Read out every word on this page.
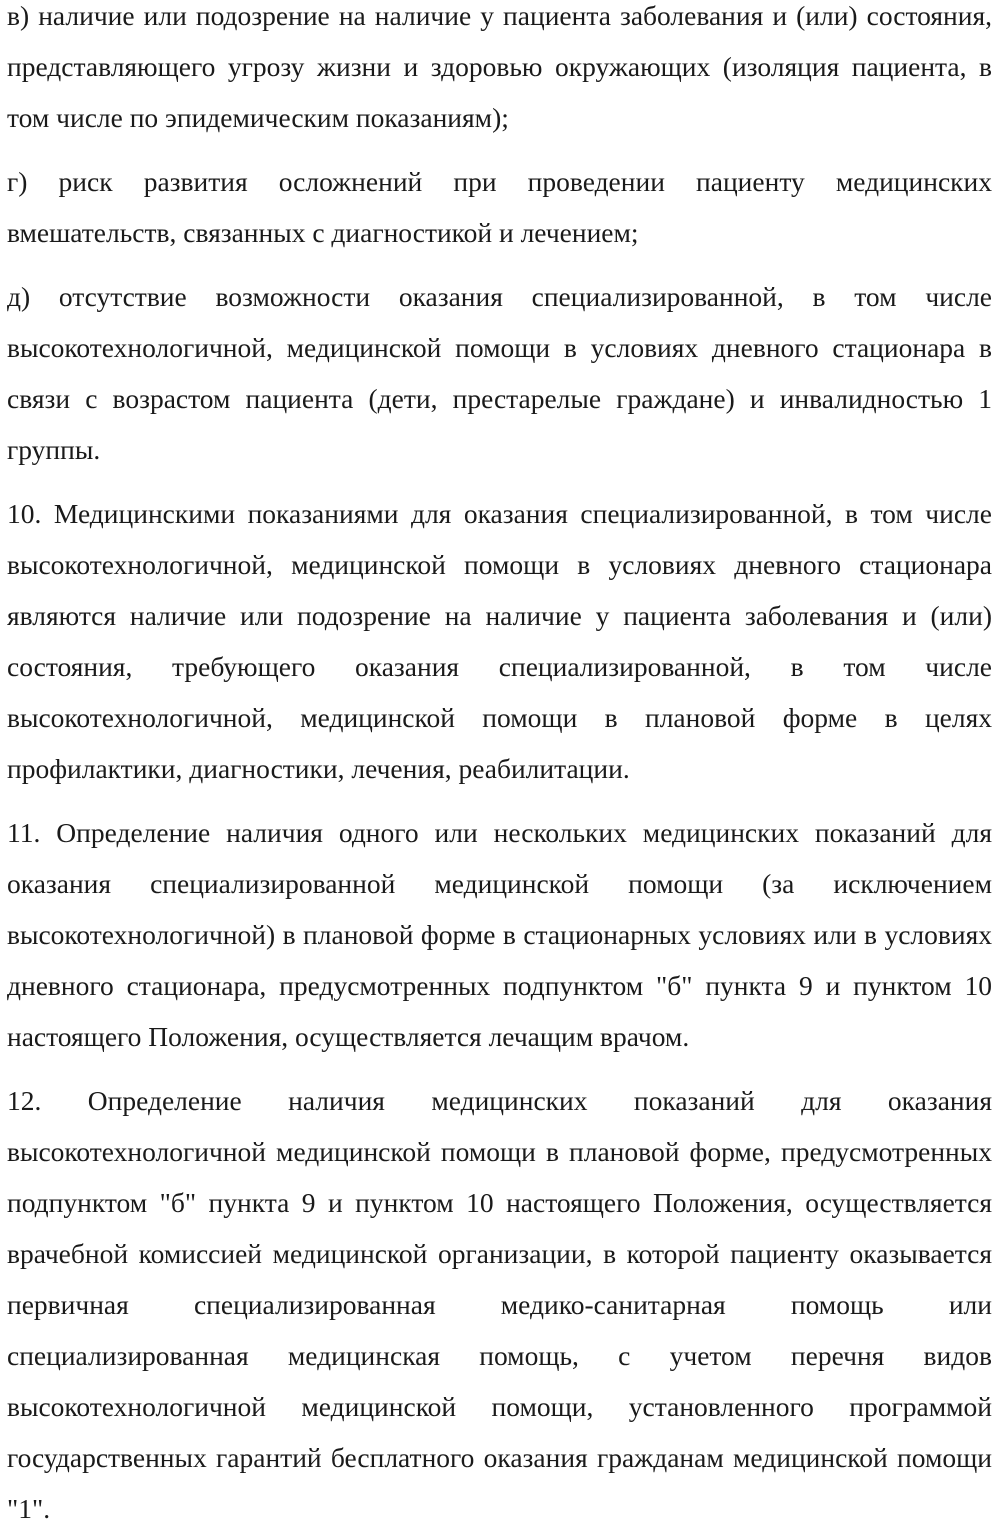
в) наличие или подозрение на наличие у пациента заболевания и (или) состояния, представляющего угрозу жизни и здоровью окружающих (изоляция пациента, в том числе по эпидемическим показаниям);

г) риск развития осложнений при проведении пациенту медицинских вмешательств, связанных с диагностикой и лечением;

д) отсутствие возможности оказания специализированной, в том числе высокотехнологичной, медицинской помощи в условиях дневного стационара в связи с возрастом пациента (дети, престарелые граждане) и инвалидностью 1 группы.

10. Медицинскими показаниями для оказания специализированной, в том числе высокотехнологичной, медицинской помощи в условиях дневного стационара являются наличие или подозрение на наличие у пациента заболевания и (или) состояния, требующего оказания специализированной, в том числе высокотехнологичной, медицинской помощи в плановой форме в целях профилактики, диагностики, лечения, реабилитации.

11. Определение наличия одного или нескольких медицинских показаний для оказания специализированной медицинской помощи (за исключением высокотехнологичной) в плановой форме в стационарных условиях или в условиях дневного стационара, предусмотренных подпунктом "б" пункта 9 и пунктом 10 настоящего Положения, осуществляется лечащим врачом.

12. Определение наличия медицинских показаний для оказания высокотехнологичной медицинской помощи в плановой форме, предусмотренных подпунктом "б" пункта 9 и пунктом 10 настоящего Положения, осуществляется врачебной комиссией медицинской организации, в которой пациенту оказывается первичная специализированная медико-санитарная помощь или специализированная медицинская помощь, с учетом перечня видов высокотехнологичной медицинской помощи, установленного программой государственных гарантий бесплатного оказания гражданам медицинской помощи "1".
